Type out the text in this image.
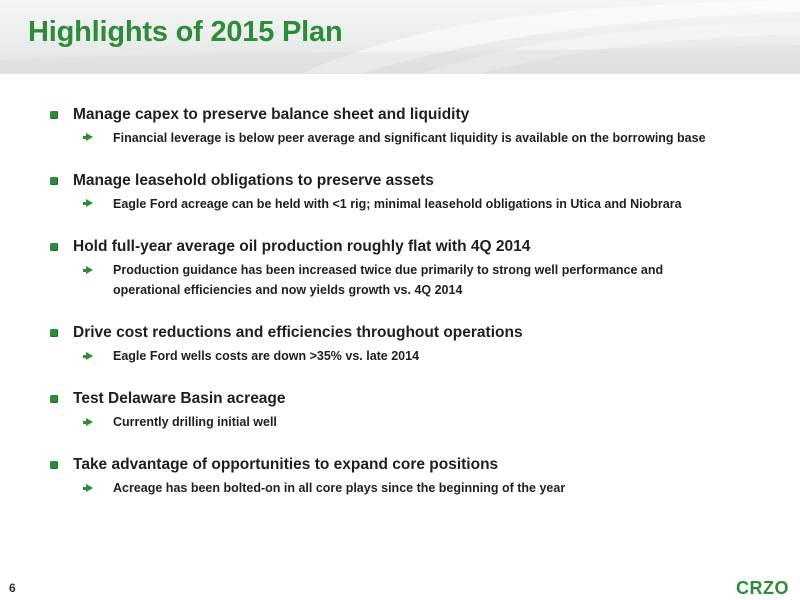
Highlights of 2015 Plan
Manage capex to preserve balance sheet and liquidity
Financial leverage is below peer average and significant liquidity is available on the borrowing base
Manage leasehold obligations to preserve assets
Eagle Ford acreage can be held with <1 rig; minimal leasehold obligations in Utica and Niobrara
Hold full-year average oil production roughly flat with 4Q 2014
Production guidance has been increased twice due primarily to strong well performance and operational efficiencies and now yields growth vs. 4Q 2014
Drive cost reductions and efficiencies throughout operations
Eagle Ford wells costs are down >35% vs. late 2014
Test Delaware Basin acreage
Currently drilling initial well
Take advantage of opportunities to expand core positions
Acreage has been bolted-on in all core plays since the beginning of the year
6	CRZO
